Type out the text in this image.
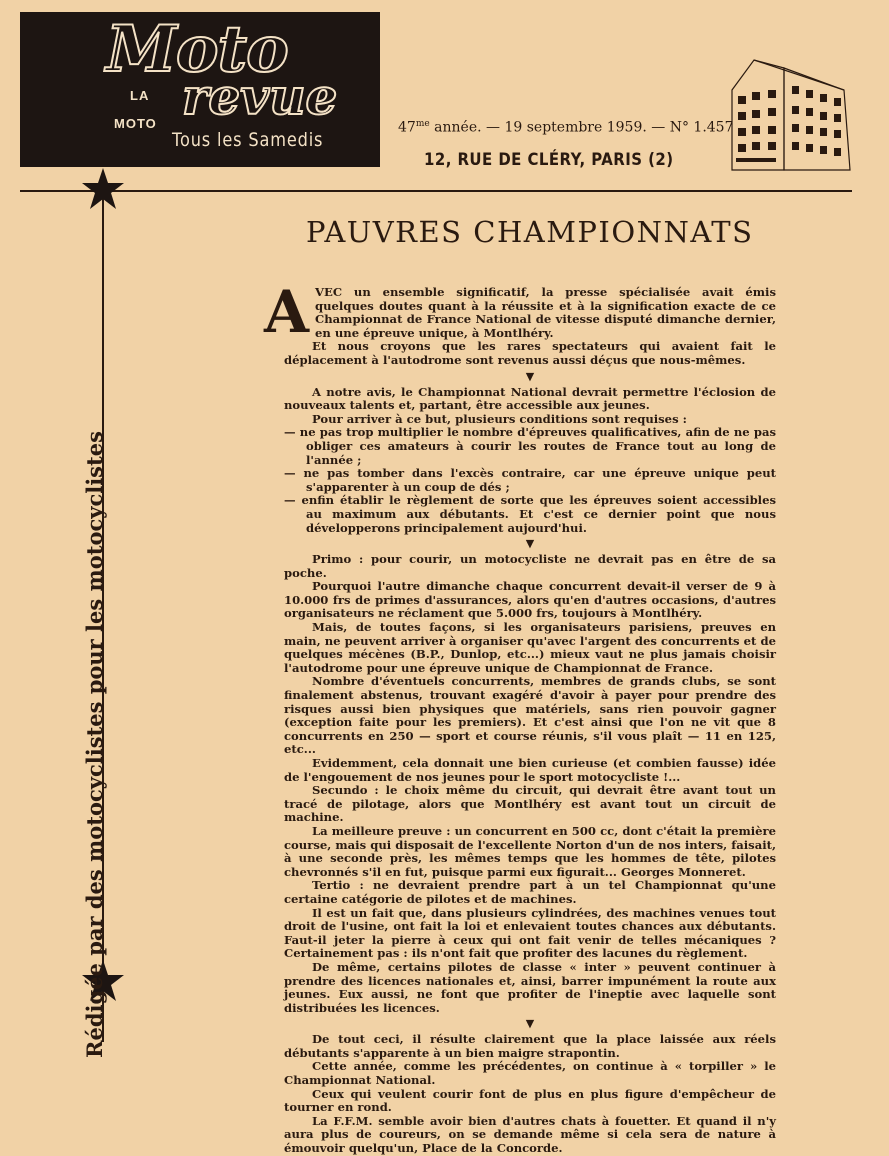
Moto
LA
MOTO revue
Tous les Samedis
$47^{me}$ année. — 19 septembre 1959. — N° 1.457
12, RUE DE CLÉRY, PARIS (2)
Rédigée par des motocyclistes pour les motocyclistes
PAUVRES CHAMPIONNATS

AVEC un ensemble significatif, la presse spécialisée avait émis quelques doutes quant à la réussite et à la signification exacte de ce Championnat de France National de vitesse disputé dimanche dernier, en une épreuve unique, à Montlhéry.

Et nous croyons que les rares spectateurs qui avaient fait le déplacement à l'autodrome sont revenus aussi déçus que nous-mêmes.

▼

A notre avis, le Championnat National devrait permettre l'éclosion de nouveaux talents et, partant, être accessible aux jeunes.

Pour arriver à ce but, plusieurs conditions sont requises :

— ne pas trop multiplier le nombre d'épreuves qualificatives, afin de ne pas obliger ces amateurs à courir les routes de France tout au long de l'année ;

— ne pas tomber dans l'excès contraire, car une épreuve unique peut s'apparenter à un coup de dés ;

— enfin établir le règlement de sorte que les épreuves soient accessibles au maximum aux débutants. Et c'est ce dernier point que nous développerons principalement aujourd'hui.

▼

Primo : pour courir, un motocycliste ne devrait pas en être de sa poche.

Pourquoi l'autre dimanche chaque concurrent devait-il verser de 9 à 10.000 frs de primes d'assurances, alors qu'en d'autres occasions, d'autres organisateurs ne réclament que 5.000 frs, toujours à Montlhéry.

Mais, de toutes façons, si les organisateurs parisiens, preuves en main, ne peuvent arriver à organiser qu'avec l'argent des concurrents et de quelques mécènes (B.P., Dunlop, etc...) mieux vaut ne plus jamais choisir l'autodrome pour une épreuve unique de Championnat de France.

Nombre d'éventuels concurrents, membres de grands clubs, se sont finalement abstenus, trouvant exagéré d'avoir à payer pour prendre des risques aussi bien physiques que matériels, sans rien pouvoir gagner (exception faite pour les premiers). Et c'est ainsi que l'on ne vit que 8 concurrents en 250 — sport et course réunis, s'il vous plaît — 11 en 125, etc...

Evidemment, cela donnait une bien curieuse (et combien fausse) idée de l'engouement de nos jeunes pour le sport motocycliste !...

Secundo : le choix même du circuit, qui devrait être avant tout un tracé de pilotage, alors que Montlhéry est avant tout un circuit de machine.

La meilleure preuve : un concurrent en 500 cc, dont c'était la première course, mais qui disposait de l'excellente Norton d'un de nos inters, faisait, à une seconde près, les mêmes temps que les hommes de tête, pilotes chevronnés s'il en fut, puisque parmi eux figurait... Georges Monneret.

Tertio : ne devraient prendre part à un tel Championnat qu'une certaine catégorie de pilotes et de machines.

Il est un fait que, dans plusieurs cylindrées, des machines venues tout droit de l'usine, ont fait la loi et enlevaient toutes chances aux débutants. Faut-il jeter la pierre à ceux qui ont fait venir de telles mécaniques ? Certainement pas : ils n'ont fait que profiter des lacunes du règlement.

De même, certains pilotes de classe « inter » peuvent continuer à prendre des licences nationales et, ainsi, barrer impunément la route aux jeunes. Eux aussi, ne font que profiter de l'ineptie avec laquelle sont distribuées les licences.

▼

De tout ceci, il résulte clairement que la place laissée aux réels débutants s'apparente à un bien maigre strapontin.

Cette année, comme les précédentes, on continue à « torpiller » le Championnat National.

Ceux qui veulent courir font de plus en plus figure d'empêcheur de tourner en rond.

La F.F.M. semble avoir bien d'autres chats à fouetter. Et quand il n'y aura plus de coureurs, on se demande même si cela sera de nature à émouvoir quelqu'un, Place de la Concorde.
